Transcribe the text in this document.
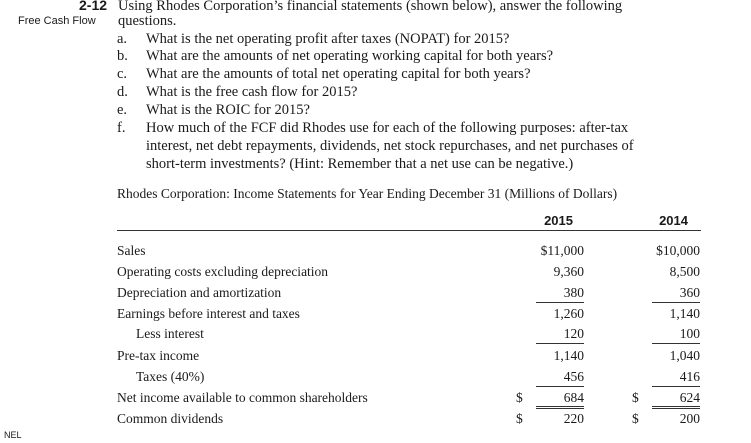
2-12 Using Rhodes Corporation’s financial statements (shown below), answer the following
Free Cash Flow questions.
a. What is the net operating profit after taxes (NOPAT) for 2015?
b. What are the amounts of net operating working capital for both years?
c. What are the amounts of total net operating capital for both years?
d. What is the free cash flow for 2015?
e. What is the ROIC for 2015?
f. How much of the FCF did Rhodes use for each of the following purposes: after-tax
interest, net debt repayments, dividends, net stock repurchases, and net purchases of
short-term investments? (Hint: Remember that a net use can be negative.)
Rhodes Corporation: Income Statements for Year Ending December 31 (Millions of Dollars)
2015	2014
Sales	$11,000	$10,000
Operating costs excluding depreciation	9,360	8,500
Depreciation and amortization	380	360
Earnings before interest and taxes	1,260	1,140
Less interest	120	100
Pre-tax income	1,140	1,040
Taxes (40%)	456	416
Net income available to common shareholders	$	684	$	624
Common dividends	$	220	$	200
NEL
